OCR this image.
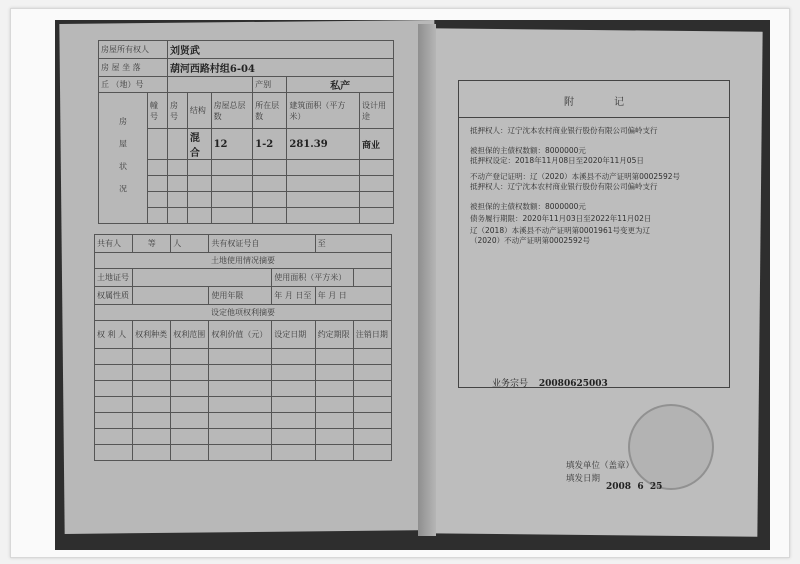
房屋所有权人		刘贤武					
房 屋 坐 落		葫河西路村组6-04					
丘 （地）号					产别	私产	
房 屋 状 况	幢号	房号	结构	房屋总层数	所在层数	建筑面积（平方米）	设计用途
			混合	12	1-2	281.39	商业

共有人	等	人	共有权证号自		至	
土地使用情况摘要						
土地证号				使用面积（平方米）		
权属性质			使用年限	年 月 日至	年 月 日	
设定他项权利摘要						
权 利 人	权利种类	权利范围	权利价值（元）	设定日期	约定期限	注销日期

附	记
抵押权人：辽宁沈本农村商业银行股份有限公司偏岭支行
被担保的主债权数额：8000000元
抵押权设定：2018年11月08日至2020年11月05日
不动产登记证明：辽（2020）本溪县不动产证明第0002592号
抵押权人：辽宁沈本农村商业银行股份有限公司偏岭支行
被担保的主债权数额：8000000元
债务履行期限：2020年11月03日至2022年11月02日
辽（2018）本溪县不动产证明第0001961号变更为辽
（2020）不动产证明第0002592号
业务宗号 20080625003
填发单位（盖章）
填发日期
2008  6  25
